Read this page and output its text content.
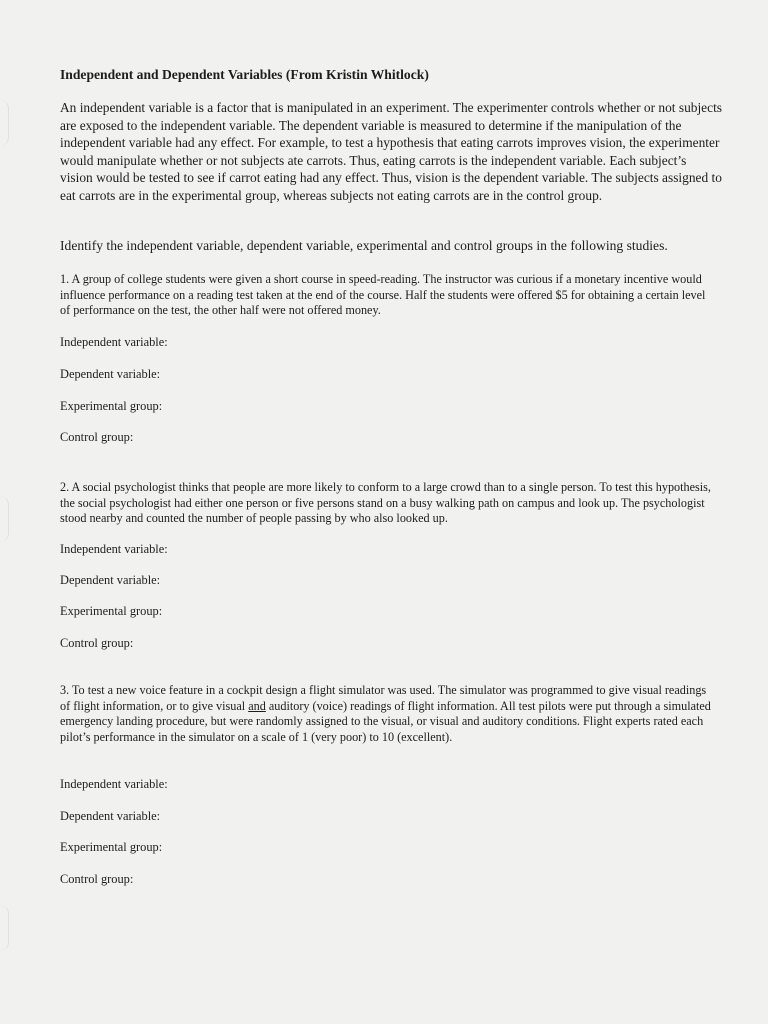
Independent and Dependent Variables (From Kristin Whitlock)
An independent variable is a factor that is manipulated in an experiment. The experimenter controls whether or not subjects are exposed to the independent variable. The dependent variable is measured to determine if the manipulation of the independent variable had any effect. For example, to test a hypothesis that eating carrots improves vision, the experimenter would manipulate whether or not subjects ate carrots. Thus, eating carrots is the independent variable. Each subject’s vision would be tested to see if carrot eating had any effect. Thus, vision is the dependent variable. The subjects assigned to eat carrots are in the experimental group, whereas subjects not eating carrots are in the control group.
Identify the independent variable, dependent variable, experimental and control groups in the following studies.
1. A group of college students were given a short course in speed-reading. The instructor was curious if a monetary incentive would influence performance on a reading test taken at the end of the course. Half the students were offered $5 for obtaining a certain level of performance on the test, the other half were not offered money.
Independent variable:
Dependent variable:
Experimental group:
Control group:
2. A social psychologist thinks that people are more likely to conform to a large crowd than to a single person. To test this hypothesis, the social psychologist had either one person or five persons stand on a busy walking path on campus and look up. The psychologist stood nearby and counted the number of people passing by who also looked up.
Independent variable:
Dependent variable:
Experimental group:
Control group:
3. To test a new voice feature in a cockpit design a flight simulator was used. The simulator was programmed to give visual readings of flight information, or to give visual and auditory (voice) readings of flight information. All test pilots were put through a simulated emergency landing procedure, but were randomly assigned to the visual, or visual and auditory conditions. Flight experts rated each pilot’s performance in the simulator on a scale of 1 (very poor) to 10 (excellent).
Independent variable:
Dependent variable:
Experimental group:
Control group:
